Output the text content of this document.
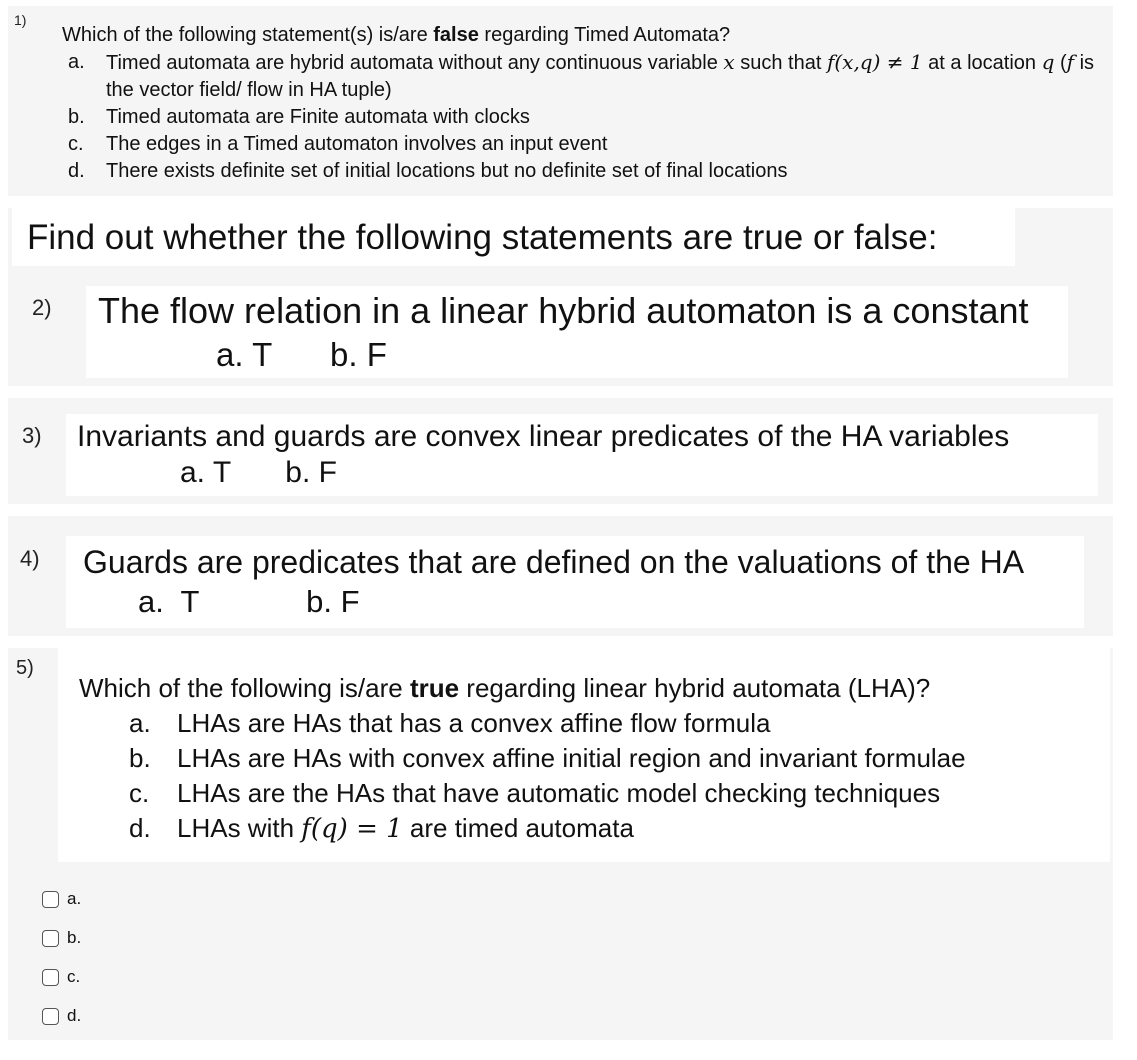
1)
Which of the following statement(s) is/are false regarding Timed Automata?
a. Timed automata are hybrid automata without any continuous variable x such that f(x,q) ≠ 1 at a location q (f is the vector field/ flow in HA tuple)
b. Timed automata are Finite automata with clocks
c. The edges in a Timed automaton involves an input event
d. There exists definite set of initial locations but no definite set of final locations
Find out whether the following statements are true or false:
2) The flow relation in a linear hybrid automaton is a constant
a. T b. F
3) Invariants and guards are convex linear predicates of the HA variables
a. T b. F
4) Guards are predicates that are defined on the valuations of the HA
a.  T	b. F
5)
Which of the following is/are true regarding linear hybrid automata (LHA)?
a. LHAs are HAs that has a convex affine flow formula
b. LHAs are HAs with convex affine initial region and invariant formulae
c. LHAs are the HAs that have automatic model checking techniques
d. LHAs with f(q) = 1 are timed automata
a.
b.
c.
d.
